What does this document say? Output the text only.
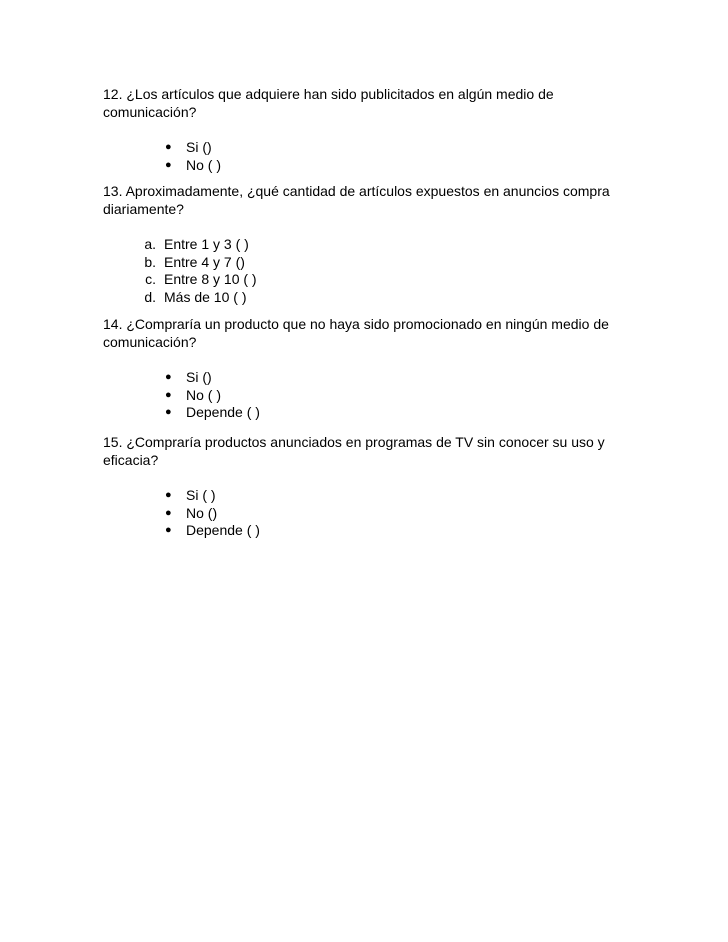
12. ¿Los artículos que adquiere han sido publicitados en algún medio de comunicación?

● Si ()
● No ( )

13. Aproximadamente, ¿qué cantidad de artículos expuestos en anuncios compra diariamente?

a. Entre 1 y 3 ( )
b. Entre 4 y 7 ()
c. Entre 8 y 10 ( )
d. Más de 10 ( )

14. ¿Compraría un producto que no haya sido promocionado en ningún medio de comunicación?

● Si ()
● No ( )
● Depende ( )

15. ¿Compraría productos anunciados en programas de TV sin conocer su uso y eficacia?

● Si ( )
● No ()
● Depende ( )
